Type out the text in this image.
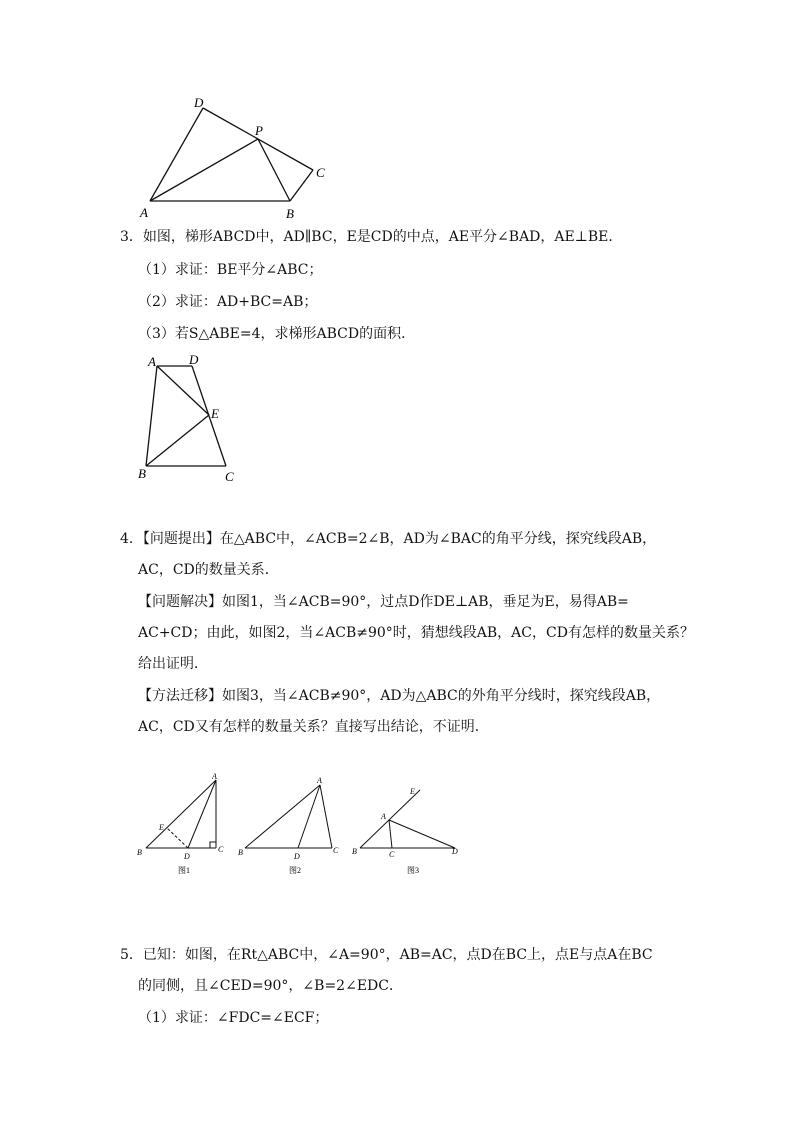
A	B
C
D
P
3．如图，梯形ABCD中，AD∥BC，E是CD的中点，AE平分∠BAD，AE⊥BE．
（1）求证：BE平分∠ABC；
（2）求证：AD+BC=AB；
（3）若S△ABE=4，求梯形ABCD的面积．
A	D
E
B	C
4．【问题提出】在△ABC中，∠ACB=2∠B，AD为∠BAC的角平分线，探究线段AB，
AC，CD的数量关系．
【问题解决】如图1，当∠ACB=90°，过点D作DE⊥AB，垂足为E，易得AB=
AC+CD；由此，如图2，当∠ACB≠90°时，猜想线段AB，AC，CD有怎样的数量关系？
给出证明．
【方法迁移】如图3，当∠ACB≠90°，AD为△ABC的外角平分线时，探究线段AB，
AC，CD又有怎样的数量关系？直接写出结论，不证明．
A
B	C
D
E
图1
A
B	C
D
图2
E
A
B	C	D
图3
5．已知：如图，在Rt△ABC中，∠A=90°，AB=AC，点D在BC上，点E与点A在BC
的同侧，且∠CED=90°，∠B=2∠EDC．
（1）求证：∠FDC=∠ECF；
